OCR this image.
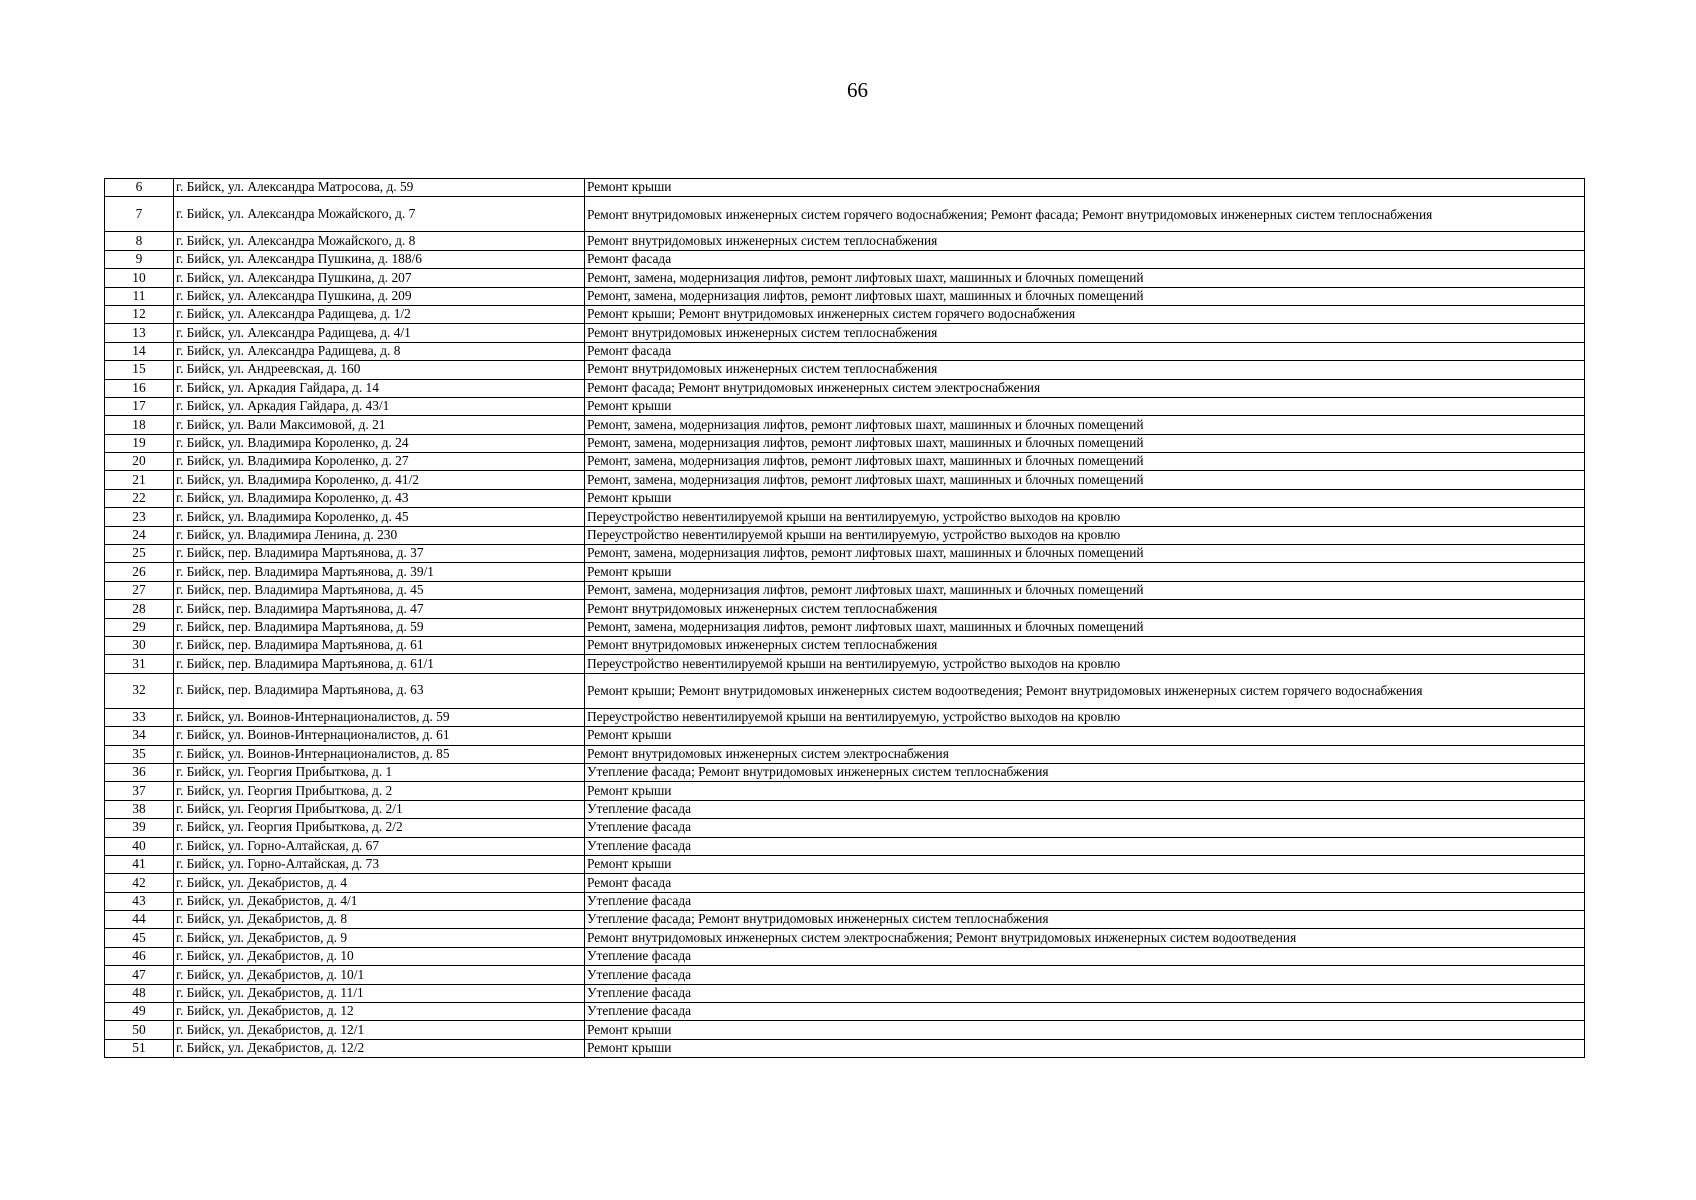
66
6	г. Бийск, ул. Александра Матросова, д. 59	Ремонт крыши
7	г. Бийск, ул. Александра Можайского, д. 7	Ремонт внутридомовых инженерных систем горячего водоснабжения; Ремонт фасада; Ремонт внутридомовых инженерных систем теплоснабжения
8	г. Бийск, ул. Александра Можайского, д. 8	Ремонт внутридомовых инженерных систем теплоснабжения
9	г. Бийск, ул. Александра Пушкина, д. 188/6	Ремонт фасада
10	г. Бийск, ул. Александра Пушкина, д. 207	Ремонт, замена, модернизация лифтов, ремонт лифтовых шахт, машинных и блочных помещений
11	г. Бийск, ул. Александра Пушкина, д. 209	Ремонт, замена, модернизация лифтов, ремонт лифтовых шахт, машинных и блочных помещений
12	г. Бийск, ул. Александра Радищева, д. 1/2	Ремонт крыши; Ремонт внутридомовых инженерных систем горячего водоснабжения
13	г. Бийск, ул. Александра Радищева, д. 4/1	Ремонт внутридомовых инженерных систем теплоснабжения
14	г. Бийск, ул. Александра Радищева, д. 8	Ремонт фасада
15	г. Бийск, ул. Андреевская, д. 160	Ремонт внутридомовых инженерных систем теплоснабжения
16	г. Бийск, ул. Аркадия Гайдара, д. 14	Ремонт фасада; Ремонт внутридомовых инженерных систем электроснабжения
17	г. Бийск, ул. Аркадия Гайдара, д. 43/1	Ремонт крыши
18	г. Бийск, ул. Вали Максимовой, д. 21	Ремонт, замена, модернизация лифтов, ремонт лифтовых шахт, машинных и блочных помещений
19	г. Бийск, ул. Владимира Короленко, д. 24	Ремонт, замена, модернизация лифтов, ремонт лифтовых шахт, машинных и блочных помещений
20	г. Бийск, ул. Владимира Короленко, д. 27	Ремонт, замена, модернизация лифтов, ремонт лифтовых шахт, машинных и блочных помещений
21	г. Бийск, ул. Владимира Короленко, д. 41/2	Ремонт, замена, модернизация лифтов, ремонт лифтовых шахт, машинных и блочных помещений
22	г. Бийск, ул. Владимира Короленко, д. 43	Ремонт крыши
23	г. Бийск, ул. Владимира Короленко, д. 45	Переустройство невентилируемой крыши на вентилируемую, устройство выходов на кровлю
24	г. Бийск, ул. Владимира Ленина, д. 230	Переустройство невентилируемой крыши на вентилируемую, устройство выходов на кровлю
25	г. Бийск, пер. Владимира Мартьянова, д. 37	Ремонт, замена, модернизация лифтов, ремонт лифтовых шахт, машинных и блочных помещений
26	г. Бийск, пер. Владимира Мартьянова, д. 39/1	Ремонт крыши
27	г. Бийск, пер. Владимира Мартьянова, д. 45	Ремонт, замена, модернизация лифтов, ремонт лифтовых шахт, машинных и блочных помещений
28	г. Бийск, пер. Владимира Мартьянова, д. 47	Ремонт внутридомовых инженерных систем теплоснабжения
29	г. Бийск, пер. Владимира Мартьянова, д. 59	Ремонт, замена, модернизация лифтов, ремонт лифтовых шахт, машинных и блочных помещений
30	г. Бийск, пер. Владимира Мартьянова, д. 61	Ремонт внутридомовых инженерных систем теплоснабжения
31	г. Бийск, пер. Владимира Мартьянова, д. 61/1	Переустройство невентилируемой крыши на вентилируемую, устройство выходов на кровлю
32	г. Бийск, пер. Владимира Мартьянова, д. 63	Ремонт крыши; Ремонт внутридомовых инженерных систем водоотведения; Ремонт внутридомовых инженерных систем горячего водоснабжения
33	г. Бийск, ул. Воинов-Интернационалистов, д. 59	Переустройство невентилируемой крыши на вентилируемую, устройство выходов на кровлю
34	г. Бийск, ул. Воинов-Интернационалистов, д. 61	Ремонт крыши
35	г. Бийск, ул. Воинов-Интернационалистов, д. 85	Ремонт внутридомовых инженерных систем электроснабжения
36	г. Бийск, ул. Георгия Прибыткова, д. 1	Утепление фасада; Ремонт внутридомовых инженерных систем теплоснабжения
37	г. Бийск, ул. Георгия Прибыткова, д. 2	Ремонт крыши
38	г. Бийск, ул. Георгия Прибыткова, д. 2/1	Утепление фасада
39	г. Бийск, ул. Георгия Прибыткова, д. 2/2	Утепление фасада
40	г. Бийск, ул. Горно-Алтайская, д. 67	Утепление фасада
41	г. Бийск, ул. Горно-Алтайская, д. 73	Ремонт крыши
42	г. Бийск, ул. Декабристов, д. 4	Ремонт фасада
43	г. Бийск, ул. Декабристов, д. 4/1	Утепление фасада
44	г. Бийск, ул. Декабристов, д. 8	Утепление фасада; Ремонт внутридомовых инженерных систем теплоснабжения
45	г. Бийск, ул. Декабристов, д. 9	Ремонт внутридомовых инженерных систем электроснабжения; Ремонт внутридомовых инженерных систем водоотведения
46	г. Бийск, ул. Декабристов, д. 10	Утепление фасада
47	г. Бийск, ул. Декабристов, д. 10/1	Утепление фасада
48	г. Бийск, ул. Декабристов, д. 11/1	Утепление фасада
49	г. Бийск, ул. Декабристов, д. 12	Утепление фасада
50	г. Бийск, ул. Декабристов, д. 12/1	Ремонт крыши
51	г. Бийск, ул. Декабристов, д. 12/2	Ремонт крыши
